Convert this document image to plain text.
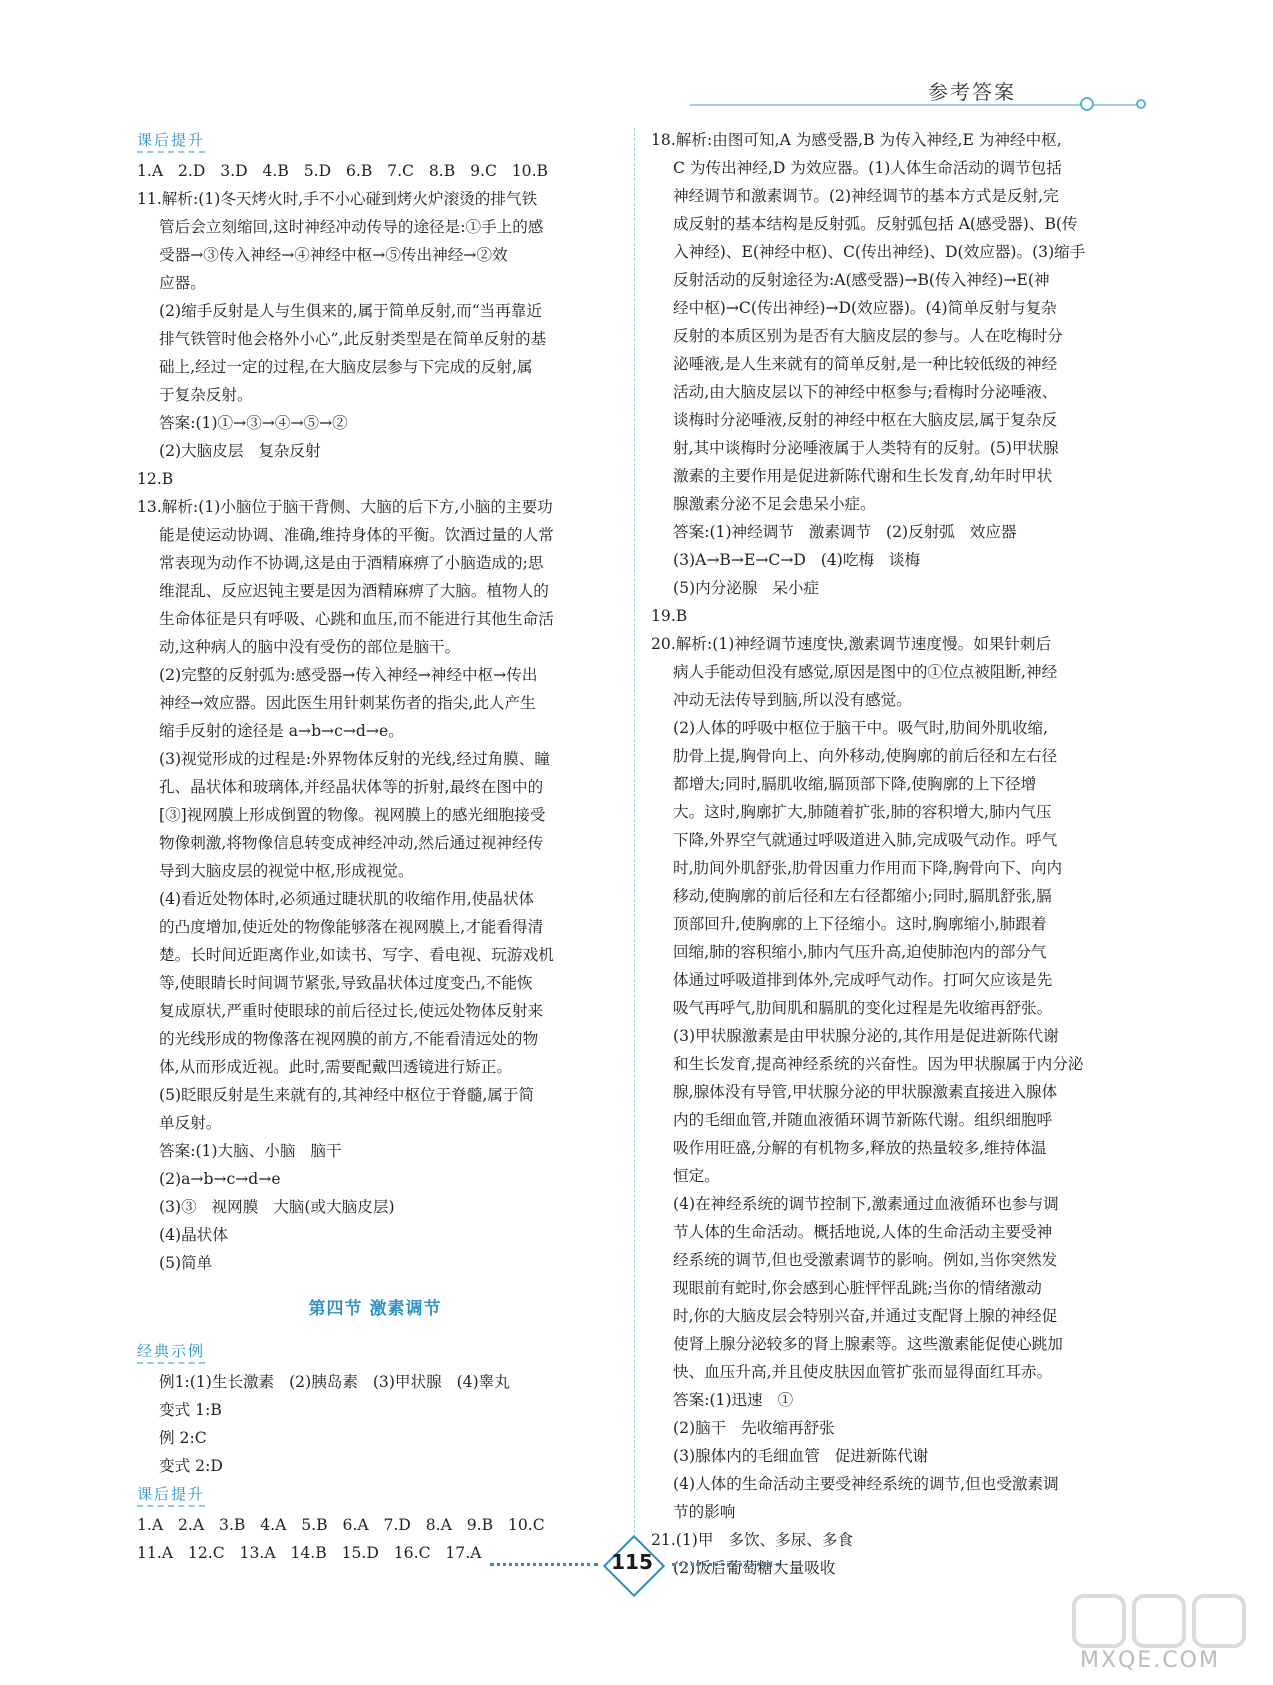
参考答案
课后提升

1.A   2.D   3.D   4.B   5.D   6.B   7.C   8.B   9.C   10.B

11.解析:(1)冬天烤火时,手不小心碰到烤火炉滚烫的排气铁

管后会立刻缩回,这时神经冲动传导的途径是:①手上的感

受器→③传入神经→④神经中枢→⑤传出神经→②效

应器。

(2)缩手反射是人与生俱来的,属于简单反射,而“当再靠近

排气铁管时他会格外小心”,此反射类型是在简单反射的基

础上,经过一定的过程,在大脑皮层参与下完成的反射,属

于复杂反射。

答案:(1)①→③→④→⑤→②

(2)大脑皮层   复杂反射

12.B

13.解析:(1)小脑位于脑干背侧、大脑的后下方,小脑的主要功

能是使运动协调、准确,维持身体的平衡。饮酒过量的人常

常表现为动作不协调,这是由于酒精麻痹了小脑造成的;思

维混乱、反应迟钝主要是因为酒精麻痹了大脑。植物人的

生命体征是只有呼吸、心跳和血压,而不能进行其他生命活

动,这种病人的脑中没有受伤的部位是脑干。

(2)完整的反射弧为:感受器→传入神经→神经中枢→传出

神经→效应器。因此医生用针刺某伤者的指尖,此人产生

缩手反射的途径是 a→b→c→d→e。

(3)视觉形成的过程是:外界物体反射的光线,经过角膜、瞳

孔、晶状体和玻璃体,并经晶状体等的折射,最终在图中的

[③]视网膜上形成倒置的物像。视网膜上的感光细胞接受

物像刺激,将物像信息转变成神经冲动,然后通过视神经传

导到大脑皮层的视觉中枢,形成视觉。

(4)看近处物体时,必须通过睫状肌的收缩作用,使晶状体

的凸度增加,使近处的物像能够落在视网膜上,才能看得清

楚。长时间近距离作业,如读书、写字、看电视、玩游戏机

等,使眼睛长时间调节紧张,导致晶状体过度变凸,不能恢

复成原状,严重时使眼球的前后径过长,使远处物体反射来

的光线形成的物像落在视网膜的前方,不能看清远处的物

体,从而形成近视。此时,需要配戴凹透镜进行矫正。

(5)眨眼反射是生来就有的,其神经中枢位于脊髓,属于简

单反射。

答案:(1)大脑、小脑   脑干

(2)a→b→c→d→e

(3)③   视网膜   大脑(或大脑皮层)

(4)晶状体

(5)简单

第四节 激素调节
经典示例

例1:(1)生长激素   (2)胰岛素   (3)甲状腺   (4)睾丸

变式 1:B

例 2:C

变式 2:D

课后提升

1.A   2.A   3.B   4.A   5.B   6.A   7.D   8.A   9.B   10.C

11.A   12.C   13.A   14.B   15.D   16.C   17.A

18.解析:由图可知,A 为感受器,B 为传入神经,E 为神经中枢,

C 为传出神经,D 为效应器。(1)人体生命活动的调节包括

神经调节和激素调节。(2)神经调节的基本方式是反射,完

成反射的基本结构是反射弧。反射弧包括 A(感受器)、B(传

入神经)、E(神经中枢)、C(传出神经)、D(效应器)。(3)缩手

反射活动的反射途径为:A(感受器)→B(传入神经)→E(神

经中枢)→C(传出神经)→D(效应器)。(4)简单反射与复杂

反射的本质区别为是否有大脑皮层的参与。人在吃梅时分

泌唾液,是人生来就有的简单反射,是一种比较低级的神经

活动,由大脑皮层以下的神经中枢参与;看梅时分泌唾液、

谈梅时分泌唾液,反射的神经中枢在大脑皮层,属于复杂反

射,其中谈梅时分泌唾液属于人类特有的反射。(5)甲状腺

激素的主要作用是促进新陈代谢和生长发育,幼年时甲状

腺激素分泌不足会患呆小症。

答案:(1)神经调节   激素调节   (2)反射弧   效应器

(3)A→B→E→C→D   (4)吃梅   谈梅

(5)内分泌腺   呆小症

19.B

20.解析:(1)神经调节速度快,激素调节速度慢。如果针刺后

病人手能动但没有感觉,原因是图中的①位点被阻断,神经

冲动无法传导到脑,所以没有感觉。

(2)人体的呼吸中枢位于脑干中。吸气时,肋间外肌收缩,

肋骨上提,胸骨向上、向外移动,使胸廓的前后径和左右径

都增大;同时,膈肌收缩,膈顶部下降,使胸廓的上下径增

大。这时,胸廓扩大,肺随着扩张,肺的容积增大,肺内气压

下降,外界空气就通过呼吸道进入肺,完成吸气动作。呼气

时,肋间外肌舒张,肋骨因重力作用而下降,胸骨向下、向内

移动,使胸廓的前后径和左右径都缩小;同时,膈肌舒张,膈

顶部回升,使胸廓的上下径缩小。这时,胸廓缩小,肺跟着

回缩,肺的容积缩小,肺内气压升高,迫使肺泡内的部分气

体通过呼吸道排到体外,完成呼气动作。打呵欠应该是先

吸气再呼气,肋间肌和膈肌的变化过程是先收缩再舒张。

(3)甲状腺激素是由甲状腺分泌的,其作用是促进新陈代谢

和生长发育,提高神经系统的兴奋性。因为甲状腺属于内分泌

腺,腺体没有导管,甲状腺分泌的甲状腺激素直接进入腺体

内的毛细血管,并随血液循环调节新陈代谢。组织细胞呼

吸作用旺盛,分解的有机物多,释放的热量较多,维持体温

恒定。

(4)在神经系统的调节控制下,激素通过血液循环也参与调

节人体的生命活动。概括地说,人体的生命活动主要受神

经系统的调节,但也受激素调节的影响。例如,当你突然发

现眼前有蛇时,你会感到心脏怦怦乱跳;当你的情绪激动

时,你的大脑皮层会特别兴奋,并通过支配肾上腺的神经促

使肾上腺分泌较多的肾上腺素等。这些激素能促使心跳加

快、血压升高,并且使皮肤因血管扩张而显得面红耳赤。

答案:(1)迅速   ①

(2)脑干   先收缩再舒张

(3)腺体内的毛细血管   促进新陈代谢

(4)人体的生命活动主要受神经系统的调节,但也受激素调

节的影响

21.(1)甲   多饮、多尿、多食

(2)饭后葡萄糖大量吸收

115
MXQE.COM
